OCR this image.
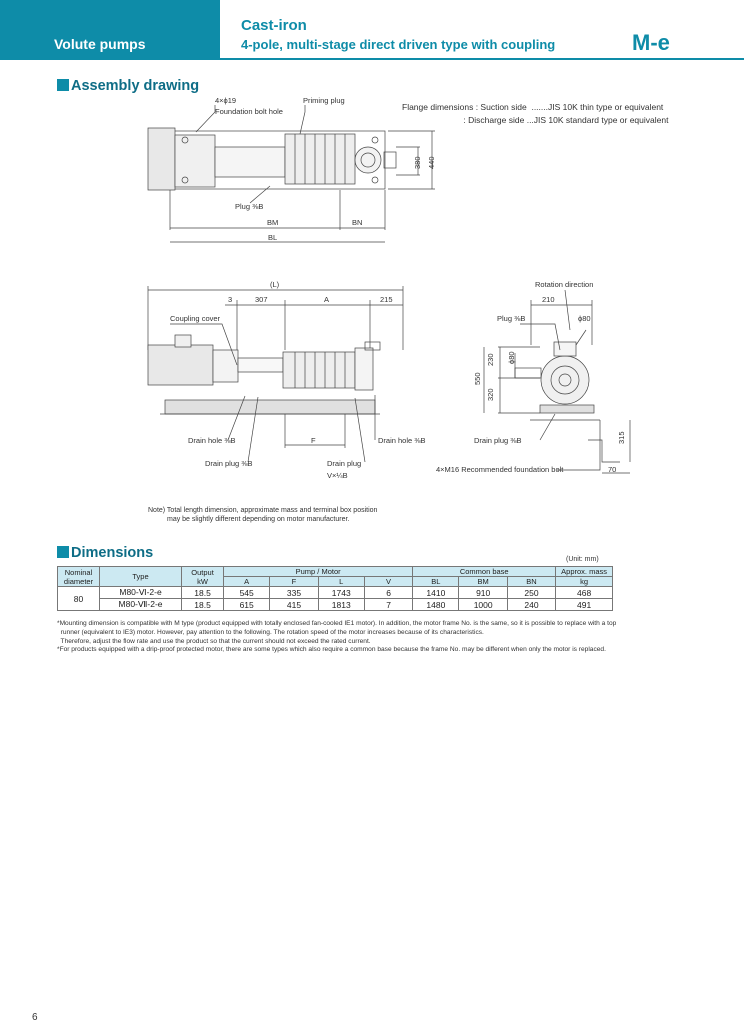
Volute pumps
Cast-iron
4-pole, multi-stage direct driven type with coupling	M-e
Assembly drawing
Flange dimensions : Suction side  .......JIS 10K thin type or equivalent
: Discharge side ...JIS 10K standard type or equivalent
4×ϕ19
Foundation bolt hole
Priming plug
Plug ⅜B
380 440
BM	BN
BL
(L)
3	307	A	215
Coupling cover
Drain hole ⅜B	F	Drain hole ⅜B
Drain plug ⅜B	Drain plug
V×¼B
Rotation direction
210
Plug ⅜B	ϕ80
ϕ80
230
550
320
Drain plug ⅜B	315
4×M16 Recommended foundation bolt	70
Note) Total length dimension, approximate mass and terminal box position
may be slightly different depending on motor manufacturer.
Dimensions	(Unit: mm)
Nominal diameter	Type	Output
kW	Pump / Motor				Common base			Approx. mass
			A	F	L	V	BL	BM	BN	kg
80	M80-Ⅵ-2-e	18.5	545	335	1743	6	1410	910	250	468
	M80-Ⅶ-2-e	18.5	615	415	1813	7	1480	1000	240	491
*Mounting dimension is compatible with M type (product equipped with totally enclosed fan-cooled IE1 motor). In addition, the motor frame No. is the same, so it is possible to replace with a top
runner (equivalent to IE3) motor. However, pay attention to the following. The rotation speed of the motor increases because of its characteristics.
Therefore, adjust the flow rate and use the product so that the current should not exceed the rated current.
*For products equipped with a drip-proof protected motor, there are some types which also require a common base because the frame No. may be different when only the motor is replaced.
6
